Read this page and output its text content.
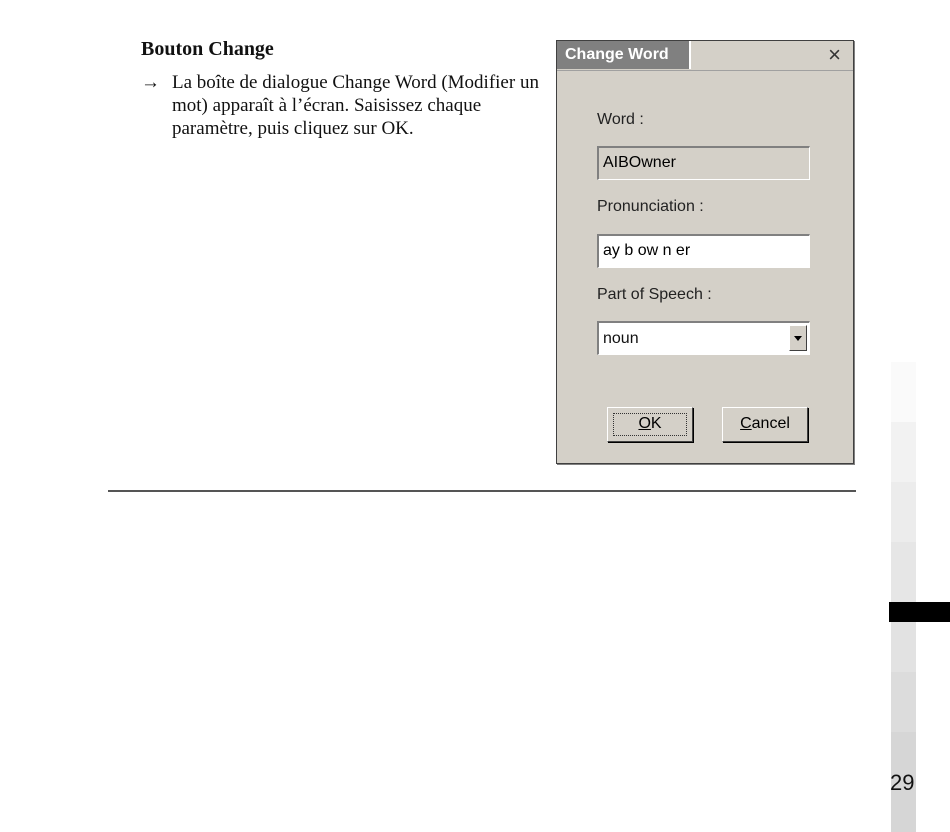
Bouton Change
→ La boîte de dialogue Change Word (Modifier un mot) apparaît à l’écran. Saisissez chaque paramètre, puis cliquez sur OK.
Change Word	×
Word :
AIBOwner
Pronunciation :
ay b ow n er
Part of Speech :
noun
OK	Cancel
29
